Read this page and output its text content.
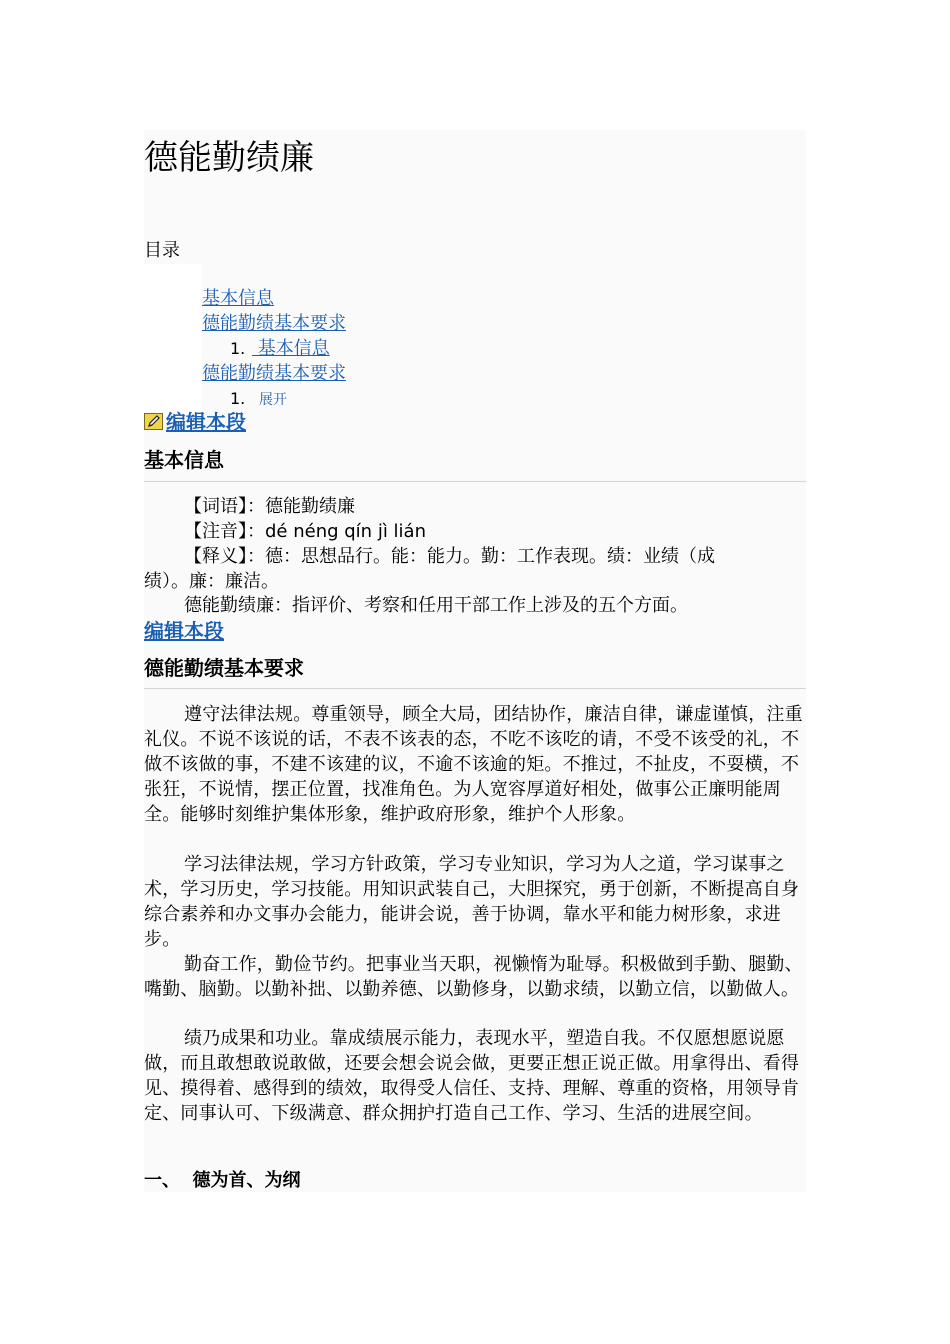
德能勤绩廉
目录
基本信息
德能勤绩基本要求
1. 基本信息
德能勤绩基本要求
1. 展开
编辑本段
基本信息
【词语】：德能勤绩廉
【注音】：dé néng qín jì lián
【释义】：德：思想品行。能：能力。勤：工作表现。绩：业绩（成
绩）。廉：廉洁。
德能勤绩廉：指评价、考察和任用干部工作上涉及的五个方面。
编辑本段
德能勤绩基本要求

遵守法律法规。尊重领导，顾全大局，团结协作，廉洁自律，谦虚谨慎，注重礼仪。不说不该说的话，不表不该表的态，不吃不该吃的请，不受不该受的礼，不做不该做的事，不建不该建的议，不逾不该逾的矩。不推过，不扯皮，不耍横，不张狂，不说情，摆正位置，找准角色。为人宽容厚道好相处，做事公正廉明能周全。能够时刻维护集体形象，维护政府形象，维护个人形象。

学习法律法规，学习方针政策，学习专业知识，学习为人之道，学习谋事之术，学习历史，学习技能。用知识武装自己，大胆探究，勇于创新，不断提高自身综合素养和办文事办会能力，能讲会说，善于协调，靠水平和能力树形象，求进步。

勤奋工作，勤俭节约。把事业当天职，视懒惰为耻辱。积极做到手勤、腿勤、嘴勤、脑勤。以勤补拙、以勤养德、以勤修身，以勤求绩，以勤立信，以勤做人。

绩乃成果和功业。靠成绩展示能力，表现水平，塑造自我。不仅愿想愿说愿做，而且敢想敢说敢做，还要会想会说会做，更要正想正说正做。用拿得出、看得见、摸得着、感得到的绩效，取得受人信任、支持、理解、尊重的资格，用领导肯定、同事认可、下级满意、群众拥护打造自己工作、学习、生活的进展空间。

一、  德为首、为纲
